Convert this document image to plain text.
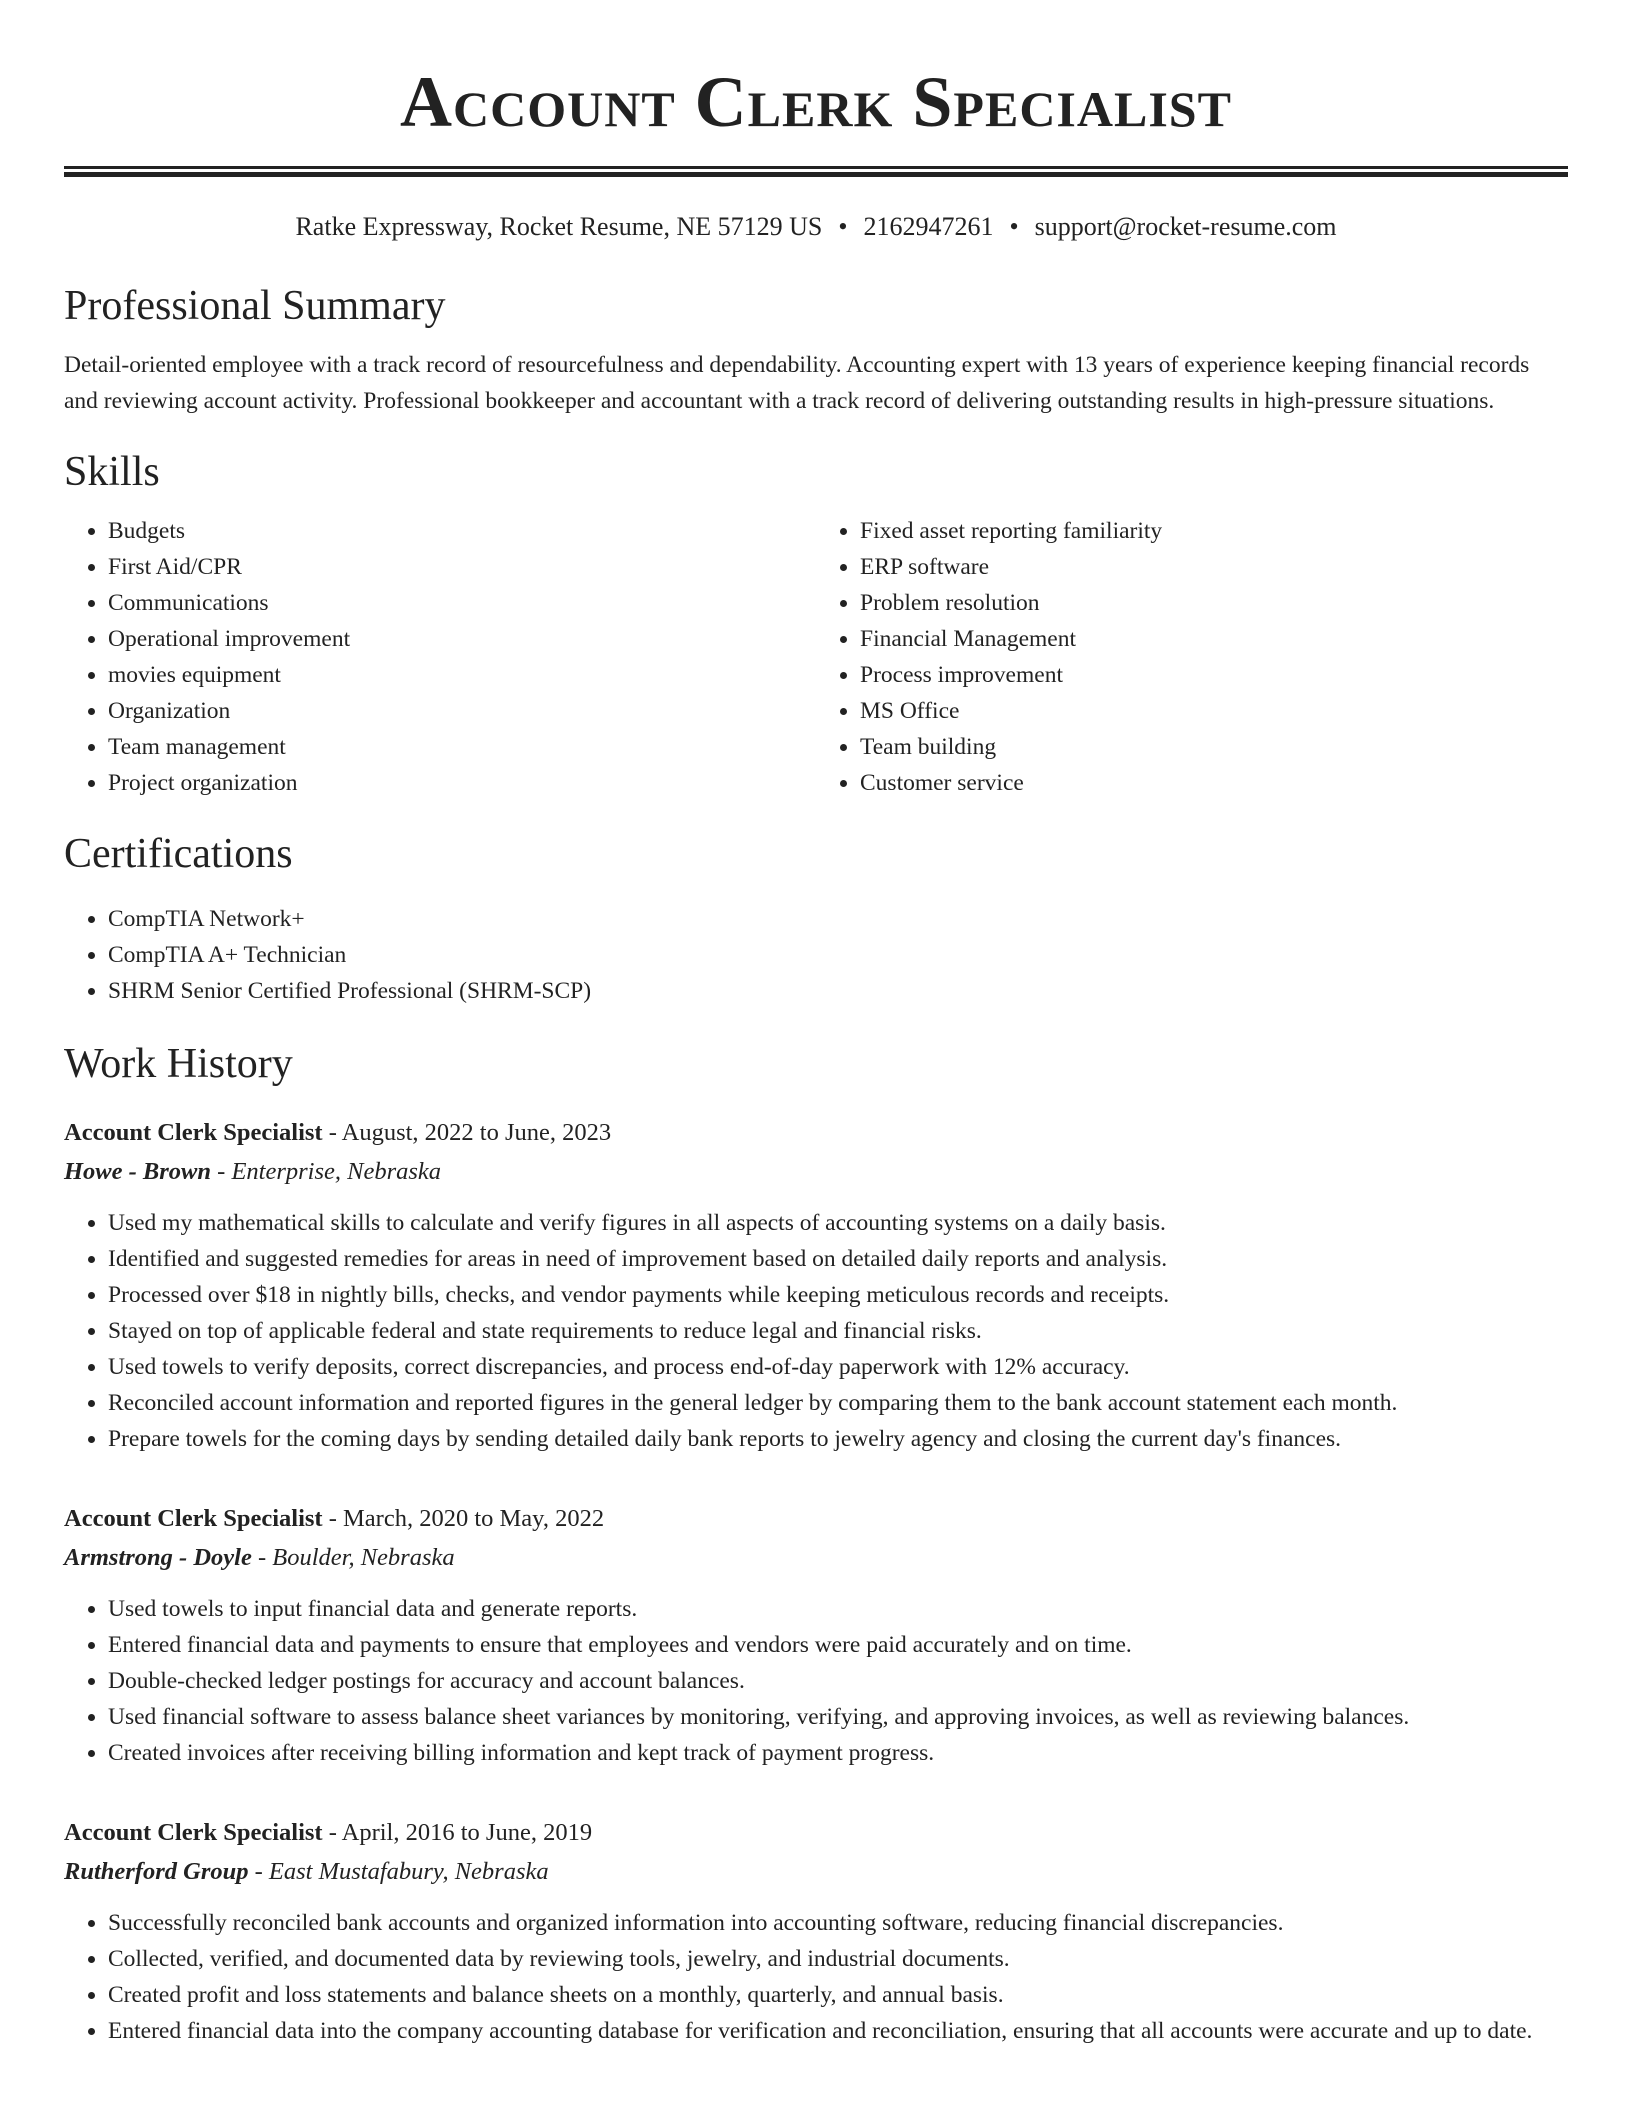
Account Clerk Specialist
Ratke Expressway, Rocket Resume, NE 57129 US • 2162947261 • support@rocket-resume.com
Professional Summary

Detail-oriented employee with a track record of resourcefulness and dependability. Accounting expert with 13 years of experience keeping financial records and reviewing account activity. Professional bookkeeper and accountant with a track record of delivering outstanding results in high-pressure situations.

Skills
• Budgets
• First Aid/CPR
• Communications
• Operational improvement
• movies equipment
• Organization
• Team management
• Project organization
• Fixed asset reporting familiarity
• ERP software
• Problem resolution
• Financial Management
• Process improvement
• MS Office
• Team building
• Customer service
Certifications
• CompTIA Network+
• CompTIA A+ Technician
• SHRM Senior Certified Professional (SHRM-SCP)
Work History
Account Clerk Specialist - August, 2022 to June, 2023
Howe - Brown - Enterprise, Nebraska
• Used my mathematical skills to calculate and verify figures in all aspects of accounting systems on a daily basis.
• Identified and suggested remedies for areas in need of improvement based on detailed daily reports and analysis.
• Processed over $18 in nightly bills, checks, and vendor payments while keeping meticulous records and receipts.
• Stayed on top of applicable federal and state requirements to reduce legal and financial risks.
• Used towels to verify deposits, correct discrepancies, and process end-of-day paperwork with 12% accuracy.
• Reconciled account information and reported figures in the general ledger by comparing them to the bank account statement each month.
• Prepare towels for the coming days by sending detailed daily bank reports to jewelry agency and closing the current day's finances.
Account Clerk Specialist - March, 2020 to May, 2022
Armstrong - Doyle - Boulder, Nebraska
• Used towels to input financial data and generate reports.
• Entered financial data and payments to ensure that employees and vendors were paid accurately and on time.
• Double-checked ledger postings for accuracy and account balances.
• Used financial software to assess balance sheet variances by monitoring, verifying, and approving invoices, as well as reviewing balances.
• Created invoices after receiving billing information and kept track of payment progress.
Account Clerk Specialist - April, 2016 to June, 2019
Rutherford Group - East Mustafabury, Nebraska
• Successfully reconciled bank accounts and organized information into accounting software, reducing financial discrepancies.
• Collected, verified, and documented data by reviewing tools, jewelry, and industrial documents.
• Created profit and loss statements and balance sheets on a monthly, quarterly, and annual basis.
• Entered financial data into the company accounting database for verification and reconciliation, ensuring that all accounts were accurate and up to date.
